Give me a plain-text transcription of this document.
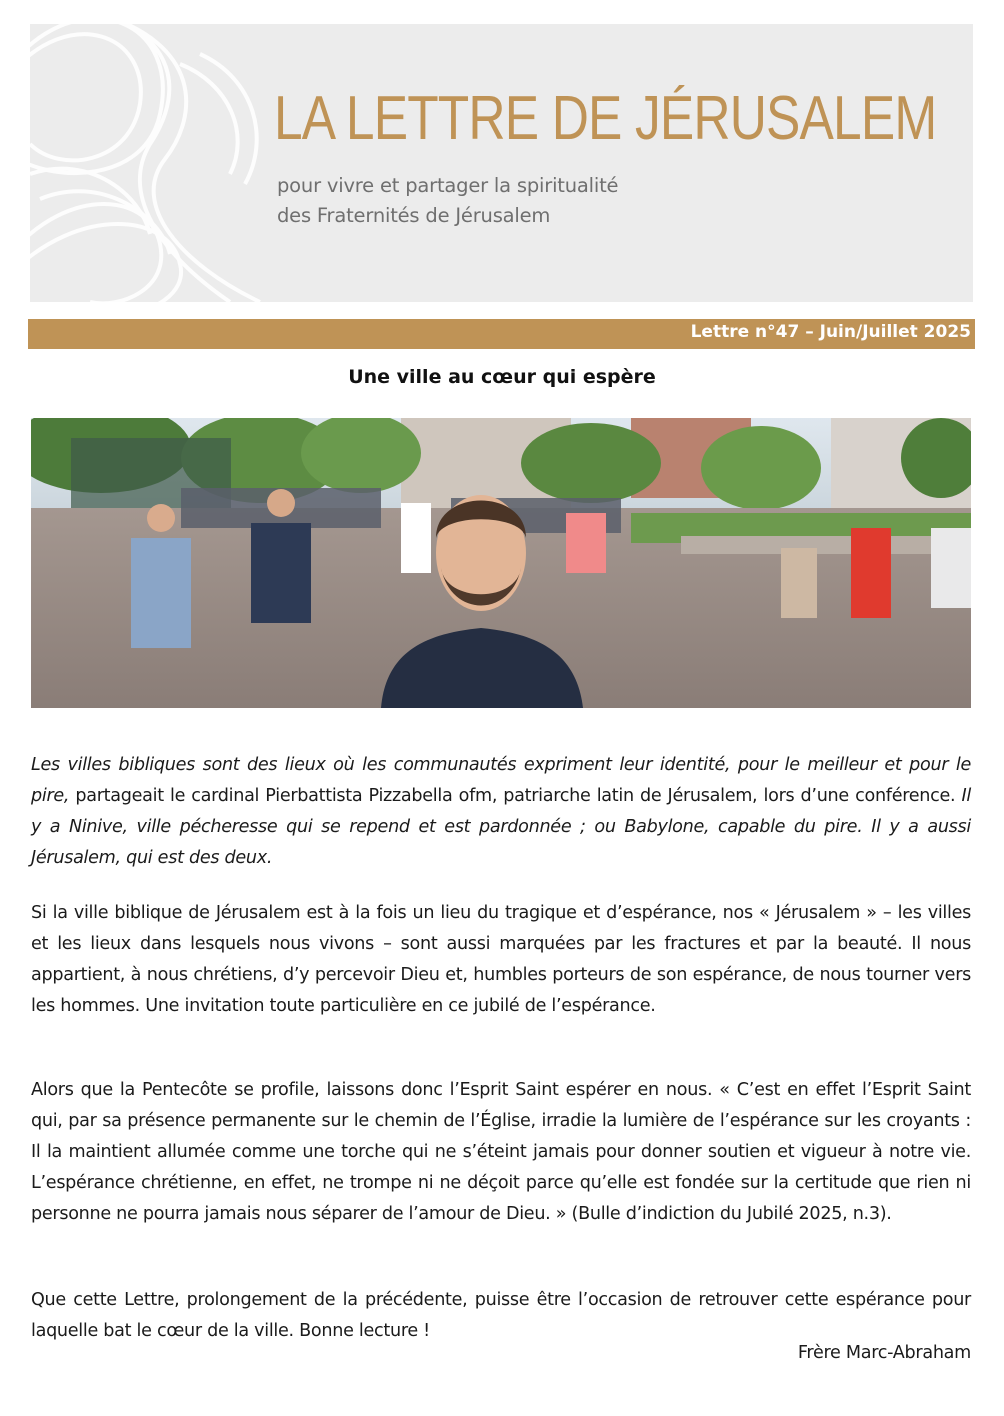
LA LETTRE DE JÉRUSALEM

pour vivre et partager la spiritualité

des Fraternités de Jérusalem

Lettre n°47 – Juin/Juillet 2025
Une ville au cœur qui espère

Les villes bibliques sont des lieux où les communautés expriment leur identité, pour le meilleur et pour le pire, partageait le cardinal Pierbattista Pizzabella ofm, patriarche latin de Jérusalem, lors d’une conférence. Il y a Ninive, ville pécheresse qui se repend et est pardonnée ; ou Babylone, capable du pire. Il y a aussi Jérusalem, qui est des deux.

Si la ville biblique de Jérusalem est à la fois un lieu du tragique et d’espérance, nos « Jérusalem » – les villes et les lieux dans lesquels nous vivons – sont aussi marquées par les fractures et par la beauté. Il nous appartient, à nous chrétiens, d’y percevoir Dieu et, humbles porteurs de son espérance, de nous tourner vers les hommes. Une invitation toute particulière en ce jubilé de l’espérance.

Alors que la Pentecôte se profile, laissons donc l’Esprit Saint espérer en nous. « C’est en effet l’Esprit Saint qui, par sa présence permanente sur le chemin de l’Église, irradie la lumière de l’espérance sur les croyants : Il la maintient allumée comme une torche qui ne s’éteint jamais pour donner soutien et vigueur à notre vie. L’espérance chrétienne, en effet, ne trompe ni ne déçoit parce qu’elle est fondée sur la certitude que rien ni personne ne pourra jamais nous séparer de l’amour de Dieu. » (Bulle d’indiction du Jubilé 2025, n.3).

Que cette Lettre, prolongement de la précédente, puisse être l’occasion de retrouver cette espérance pour laquelle bat le cœur de la ville. Bonne lecture !

Frère Marc-Abraham
